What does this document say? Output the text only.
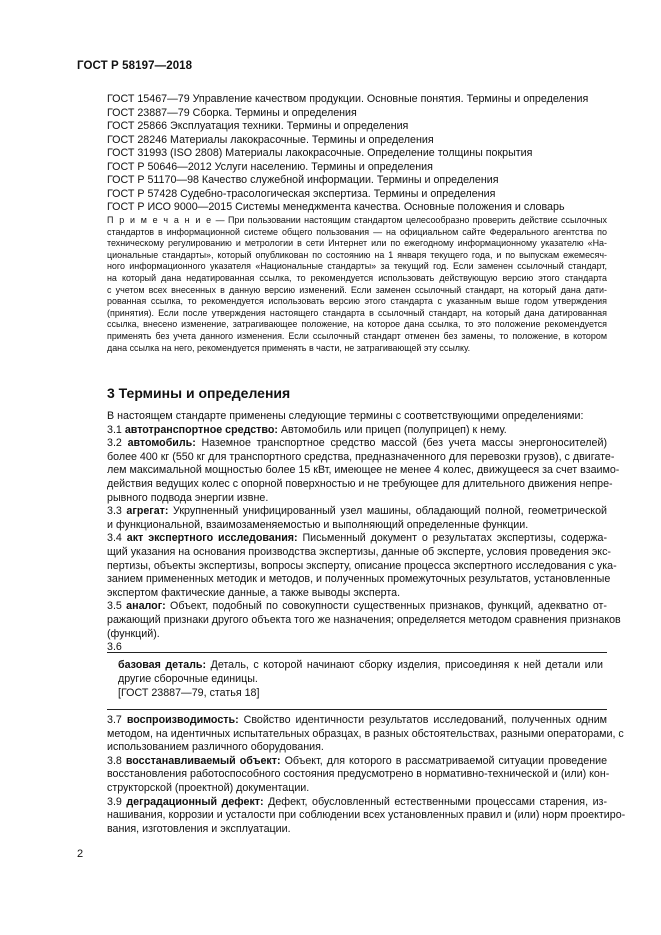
ГОСТ Р 58197—2018
ГОСТ 15467—79 Управление качеством продукции. Основные понятия. Термины и определения
ГОСТ 23887—79 Сборка. Термины и определения
ГОСТ 25866 Эксплуатация техники. Термины и определения
ГОСТ 28246 Материалы лакокрасочные. Термины и определения
ГОСТ 31993 (ISO 2808) Материалы лакокрасочные. Определение толщины покрытия
ГОСТ Р 50646—2012 Услуги населению. Термины и определения
ГОСТ Р 51170—98 Качество служебной информации. Термины и определения
ГОСТ Р 57428 Судебно-трасологическая экспертиза. Термины и определения
ГОСТ Р ИСО 9000—2015 Системы менеджмента качества. Основные положения и словарь
П р и м е ч а н и е — При пользовании настоящим стандартом целесообразно проверить действие ссылочных
стандартов в информационной системе общего пользования — на официальном сайте Федерального агентства по
техническому регулированию и метрологии в сети Интернет или по ежегодному информационному указателю «На-
циональные стандарты», который опубликован по состоянию на 1 января текущего года, и по выпускам ежемесяч-
ного информационного указателя «Национальные стандарты» за текущий год. Если заменен ссылочный стандарт,
на который дана недатированная ссылка, то рекомендуется использовать действующую версию этого стандарта
с учетом всех внесенных в данную версию изменений. Если заменен ссылочный стандарт, на который дана дати-
рованная ссылка, то рекомендуется использовать версию этого стандарта с указанным выше годом утверждения
(принятия). Если после утверждения настоящего стандарта в ссылочный стандарт, на который дана датированная
ссылка, внесено изменение, затрагивающее положение, на которое дана ссылка, то это положение рекомендуется
применять без учета данного изменения. Если ссылочный стандарт отменен без замены, то положение, в котором
дана ссылка на него, рекомендуется применять в части, не затрагивающей эту ссылку.
3 Термины и определения
В настоящем стандарте применены следующие термины с соответствующими определениями:
3.1 автотранспортное средство: Автомобиль или прицеп (полуприцеп) к нему.
3.2 автомобиль: Наземное транспортное средство массой (без учета массы энергоносителей)
более 400 кг (550 кг для транспортного средства, предназначенного для перевозки грузов), с двигате-
лем максимальной мощностью более 15 кВт, имеющее не менее 4 колес, движущееся за счет взаимо-
действия ведущих колес с опорной поверхностью и не требующее для длительного движения непре-
рывного подвода энергии извне.
3.3 агрегат: Укрупненный унифицированный узел машины, обладающий полной, геометрической
и функциональной, взаимозаменяемостью и выполняющий определенные функции.
3.4 акт экспертного исследования: Письменный документ о результатах экспертизы, содержа-
щий указания на основания производства экспертизы, данные об эксперте, условия проведения экс-
пертизы, объекты экспертизы, вопросы эксперту, описание процесса экспертного исследования с ука-
занием примененных методик и методов, и полученных промежуточных результатов, установленные
экспертом фактические данные, а также выводы эксперта.
3.5 аналог: Объект, подобный по совокупности существенных признаков, функций, адекватно от-
ражающий признаки другого объекта того же назначения; определяется методом сравнения признаков
(функций).
3.6
базовая деталь: Деталь, с которой начинают сборку изделия, присоединяя к ней детали или
другие сборочные единицы.
[ГОСТ 23887—79, статья 18]
3.7 воспроизводимость: Свойство идентичности результатов исследований, полученных одним
методом, на идентичных испытательных образцах, в разных обстоятельствах, разными операторами, с
использованием различного оборудования.
3.8 восстанавливаемый объект: Объект, для которого в рассматриваемой ситуации проведение
восстановления работоспособного состояния предусмотрено в нормативно-технической и (или) кон-
структорской (проектной) документации.
3.9 деградационный дефект: Дефект, обусловленный естественными процессами старения, из-
нашивания, коррозии и усталости при соблюдении всех установленных правил и (или) норм проектиро-
вания, изготовления и эксплуатации.
2
